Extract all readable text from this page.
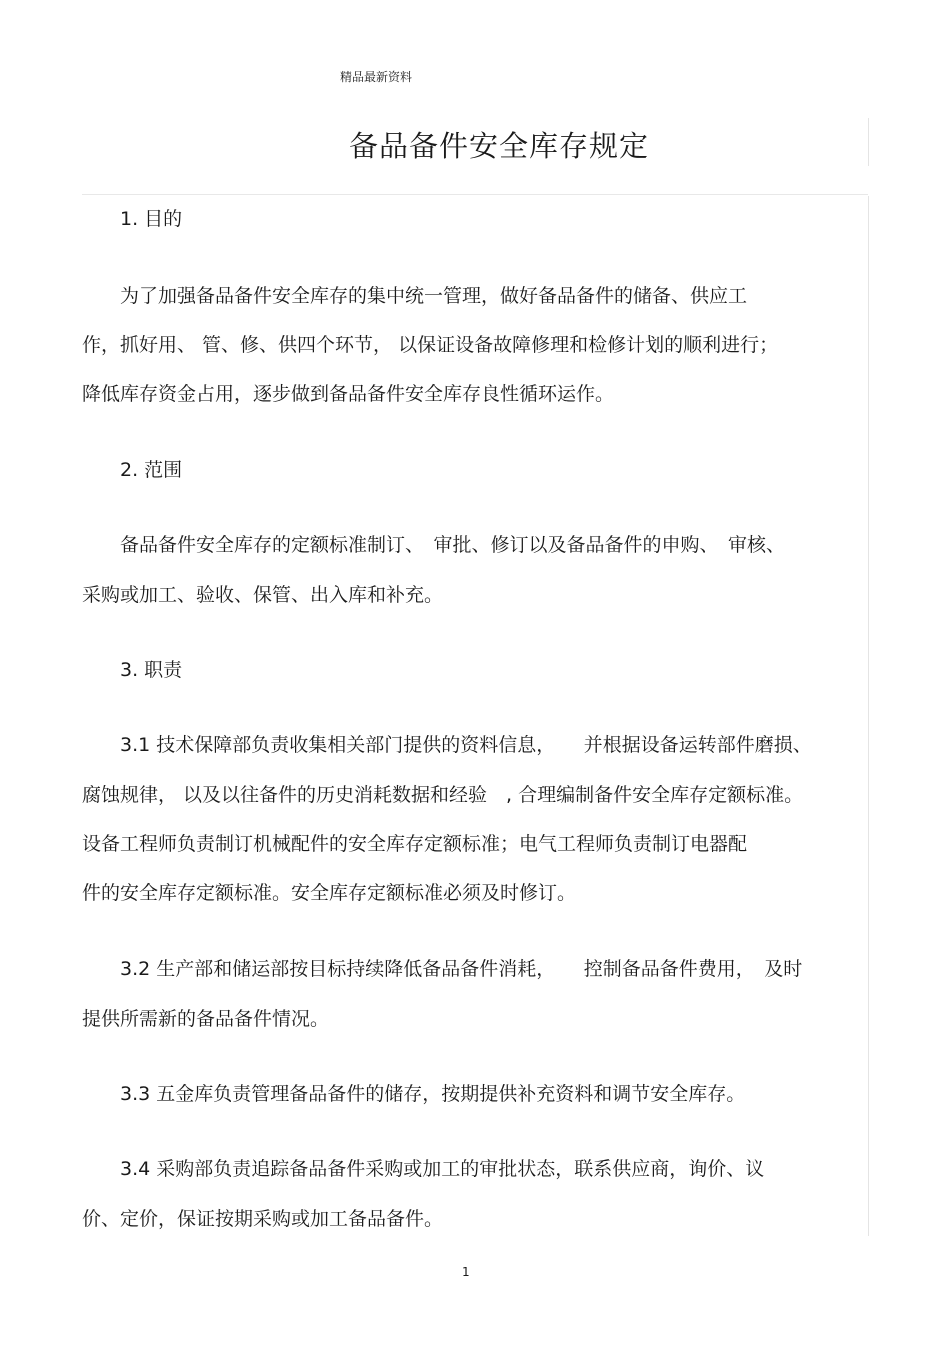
精品最新资料
备品备件安全库存规定
1. 目的
为了加强备品备件安全库存的集中统一管理，做好备品备件的储备、供应工
作，抓好用、 管、修、供四个环节， 以保证设备故障修理和检修计划的顺利进行；
降低库存资金占用，逐步做到备品备件安全库存良性循环运作。
2. 范围
备品备件安全库存的定额标准制订、　审批、修订以及备品备件的申购、　审核、
采购或加工、验收、保管、出入库和补充。
3. 职责
3.1 技术保障部负责收集相关部门提供的资料信息，　　并根据设备运转部件磨损、
腐蚀规律， 以及以往备件的历史消耗数据和经验　, 合理编制备件安全库存定额标准。
设备工程师负责制订机械配件的安全库存定额标准；电气工程师负责制订电器配
件的安全库存定额标准。安全库存定额标准必须及时修订。
3.2 生产部和储运部按目标持续降低备品备件消耗，　　控制备品备件费用，　及时
提供所需新的备品备件情况。
3.3 五金库负责管理备品备件的储存，按期提供补充资料和调节安全库存。
3.4 采购部负责追踪备品备件采购或加工的审批状态，联系供应商，询价、议
价、定价，保证按期采购或加工备品备件。
1
